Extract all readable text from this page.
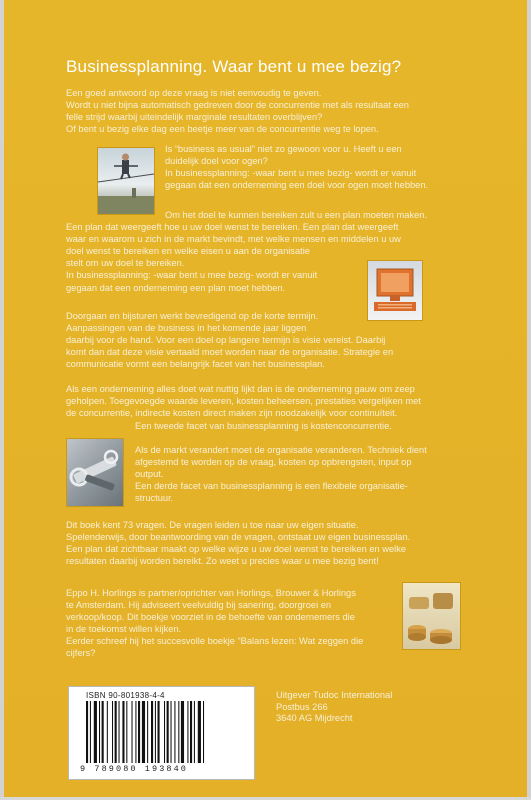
Businessplanning. Waar bent u mee bezig?
Een goed antwoord op deze vraag is niet eenvoudig te geven.
Wordt u niet bijna automatisch gedreven door de concurrentie met als resultaat een
felle strijd waarbij uiteindelijk marginale resultaten overblijven?
Of bent u bezig elke dag een beetje meer van de concurrentie weg te lopen.
Is “business as usual” niet zo gewoon voor u. Heeft u een
duidelijk doel voor ogen?
In businessplanning: -waar bent u mee bezig- wordt er vanuit
gegaan dat een onderneming een doel voor ogen moet hebben.
Om het doel te kunnen bereiken zult u een plan moeten maken.
Een plan dat weergeeft hoe u uw doel wenst te bereiken. Een plan dat weergeeft
waar en waarom u zich in de markt bevindt, met welke mensen en middelen u uw
doel wenst te bereiken en welke eisen u aan de organisatie
stelt om uw doel te bereiken.
In businessplanning: -waar bent u mee bezig- wordt er vanuit
gegaan dat een onderneming een plan moet hebben.
Doorgaan en bijsturen werkt bevredigend op de korte termijn.
Aanpassingen van de business in het komende jaar liggen
daarbij voor de hand. Voor een doel op langere termijn is visie vereist. Daarbij
komt dan dat deze visie vertaald moet worden naar de organisatie. Strategie en
communicatie vormt een belangrijk facet van het businessplan.
Als een onderneming alles doet wat nuttig lijkt dan is de onderneming gauw om zeep
geholpen. Toegevoegde waarde leveren, kosten beheersen, prestaties vergelijken met
de concurrentie, indirecte kosten direct maken zijn noodzakelijk voor continuïteit.
Een tweede facet van businessplanning is kostenconcurrentie.
Als de markt verandert moet de organisatie veranderen. Techniek dient
afgestemd te worden op de vraag, kosten op opbrengsten, input op
output.
Een derde facet van businessplanning is een flexibele organisatie-
structuur.
Dit boek kent 73 vragen. De vragen leiden u toe naar uw eigen situatie.
Spelenderwijs, door beantwoording van de vragen, ontstaat uw eigen businessplan.
Een plan dat zichtbaar maakt op welke wijze u uw doel wenst te bereiken en welke
resultaten daarbij worden bereikt. Zo weet u precies waar u mee bezig bent!
Eppo H. Horlings is partner/oprichter van Horlings, Brouwer & Horlings
te Amsterdam. Hij adviseert veelvuldig bij sanering, doorgroei en
verkoop/koop. Dit boekje voorziet in de behoefte van ondernemers die
in de toekomst willen kijken.
Eerder schreef hij het succesvolle boekje “Balans lezen: Wat zeggen die
cijfers?
ISBN 90-801938-4-4
9 789080 193840
Uitgever Tudoc International
Postbus 266
3640 AG Mijdrecht
